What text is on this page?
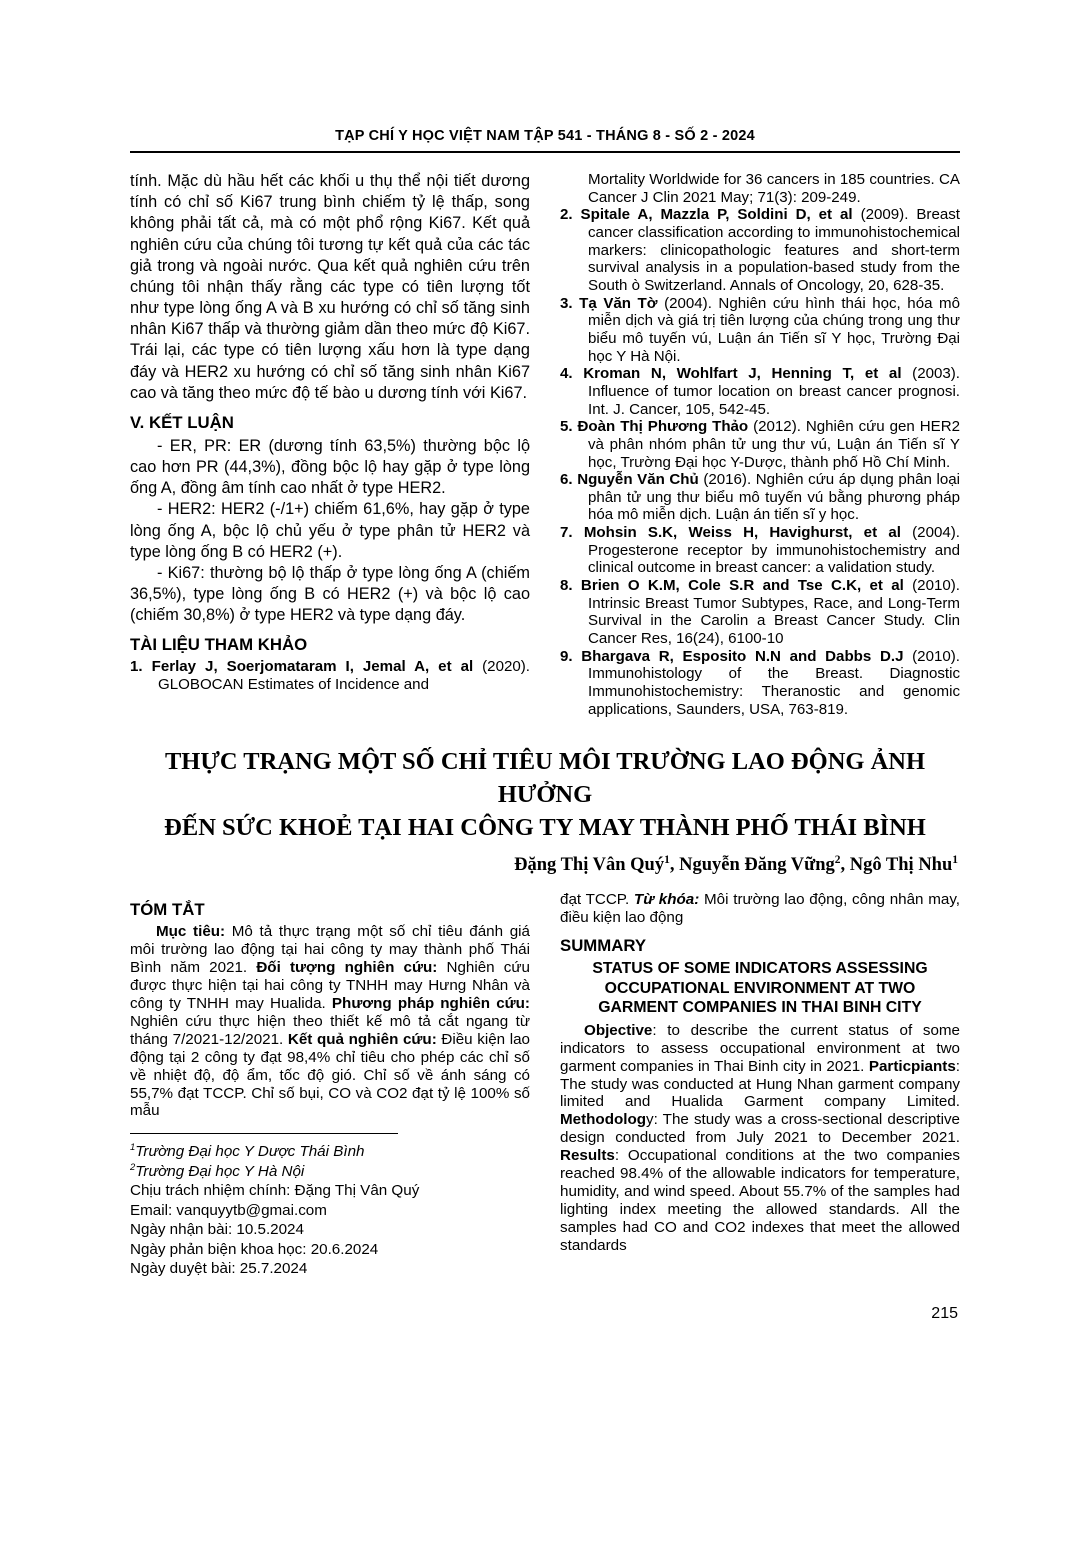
TẠP CHÍ Y HỌC VIỆT NAM TẬP 541 - THÁNG 8 - SỐ 2 - 2024

tính. Mặc dù hầu hết các khối u thụ thể nội tiết dương tính có chỉ số Ki67 trung bình chiếm tỷ lệ thấp, song không phải tất cả, mà có một phổ rộng Ki67. Kết quả nghiên cứu của chúng tôi tương tự kết quả của các tác giả trong và ngoài nước. Qua kết quả nghiên cứu trên chúng tôi nhận thấy rằng các type có tiên lượng tốt như type lòng ống A và B xu hướng có chỉ số tăng sinh nhân Ki67 thấp và thường giảm dần theo mức độ Ki67. Trái lại, các type có tiên lượng xấu hơn là type dạng đáy và HER2 xu hướng có chỉ số tăng sinh nhân Ki67 cao và tăng theo mức độ tế bào u dương tính với Ki67.

V. KẾT LUẬN

- ER, PR: ER (dương tính 63,5%) thường bộc lộ cao hơn PR (44,3%), đồng bộc lộ hay gặp ở type lòng ống A, đồng âm tính cao nhất ở type HER2.

- HER2: HER2 (-/1+) chiếm 61,6%, hay gặp ở type lòng ống A, bộc lộ chủ yếu ở type phân tử HER2 và type lòng ống B có HER2 (+).

- Ki67: thường bộ lộ thấp ở type lòng ống A (chiếm 36,5%), type lòng ống B có HER2 (+) và bộc lộ cao (chiếm 30,8%) ở type HER2 và type dạng đáy.

TÀI LIỆU THAM KHẢO
1. Ferlay J, Soerjomataram I, Jemal A, et al (2020). GLOBOCAN Estimates of Incidence and
Mortality Worldwide for 36 cancers in 185 countries. CA Cancer J Clin 2021 May; 71(3): 209-249.
2. Spitale A, Mazzla P, Soldini D, et al (2009). Breast cancer classification according to immunohistochemical markers: clinicopathologic features and short-term survival analysis in a population-based study from the South ò Switzerland. Annals of Oncology, 20, 628-35.
3. Tạ Văn Tờ (2004). Nghiên cứu hình thái học, hóa mô miễn dịch và giá trị tiên lượng của chúng trong ung thư biểu mô tuyến vú, Luận án Tiến sĩ Y học, Trường Đại học Y Hà Nội.
4. Kroman N, Wohlfart J, Henning T, et al (2003). Influence of tumor location on breast cancer prognosi. Int. J. Cancer, 105, 542-45.
5. Đoàn Thị Phương Thảo (2012). Nghiên cứu gen HER2 và phân nhóm phân tử ung thư vú, Luận án Tiến sĩ Y học, Trường Đại học Y-Dược, thành phố Hồ Chí Minh.
6. Nguyễn Văn Chủ (2016). Nghiên cứu áp dụng phân loại phân tử ung thư biểu mô tuyến vú bằng phương pháp hóa mô miễn dịch. Luận án tiến sĩ y học.
7. Mohsin S.K, Weiss H, Havighurst, et al (2004). Progesterone receptor by immunohistochemistry and clinical outcome in breast cancer: a validation study.
8. Brien O K.M, Cole S.R and Tse C.K, et al (2010). Intrinsic Breast Tumor Subtypes, Race, and Long-Term Survival in the Carolin a Breast Cancer Study. Clin Cancer Res, 16(24), 6100-10
9. Bhargava R, Esposito N.N and Dabbs D.J (2010). Immunohistology of the Breast. Diagnostic Immunohistochemistry: Theranostic and genomic applications, Saunders, USA, 763-819.
THỰC TRẠNG MỘT SỐ CHỈ TIÊU MÔI TRƯỜNG LAO ĐỘNG ẢNH HƯỞNG
ĐẾN SỨC KHOẺ TẠI HAI CÔNG TY MAY THÀNH PHỐ THÁI BÌNH
Đặng Thị Vân Quý$^1$, Nguyễn Đăng Vững$^2$, Ngô Thị Nhu$^1$
TÓM TẮT

Mục tiêu: Mô tả thực trạng một số chỉ tiêu đánh giá môi trường lao động tại hai công ty may thành phố Thái Bình năm 2021. Đối tượng nghiên cứu: Nghiên cứu được thực hiện tại hai công ty TNHH may Hưng Nhân và công ty TNHH may Hualida. Phương pháp nghiên cứu: Nghiên cứu thực hiện theo thiết kế mô tả cắt ngang từ tháng 7/2021-12/2021. Kết quả nghiên cứu: Điều kiện lao động tại 2 công ty đạt 98,4% chỉ tiêu cho phép các chỉ số về nhiệt độ, độ ẩm, tốc độ gió. Chỉ số về ánh sáng có 55,7% đạt TCCP. Chỉ số bụi, CO và CO2 đạt tỷ lệ 100% số mẫu

$^1$Trường Đại học Y Dược Thái Bình
$^2$Trường Đại học Y Hà Nội
Chịu trách nhiệm chính: Đặng Thị Vân Quý
Email: vanquyytb@gmai.com
Ngày nhận bài: 10.5.2024
Ngày phản biện khoa học: 20.6.2024
Ngày duyệt bài: 25.7.2024

đạt TCCP. Từ khóa: Môi trường lao động, công nhân may, điều kiện lao động

SUMMARY
STATUS OF SOME INDICATORS ASSESSING OCCUPATIONAL ENVIRONMENT AT TWO GARMENT COMPANIES IN THAI BINH CITY

Objective: to describe the current status of some indicators to assess occupational environment at two garment companies in Thai Binh city in 2021. Particpiants: The study was conducted at Hung Nhan garment company limited and Hualida Garment company Limited. Methodology: The study was a cross-sectional descriptive design conducted from July 2021 to December 2021. Results: Occupational conditions at the two companies reached 98.4% of the allowable indicators for temperature, humidity, and wind speed. About 55.7% of the samples had lighting index meeting the allowed standards. All the samples had CO and CO2 indexes that meet the allowed standards

215
